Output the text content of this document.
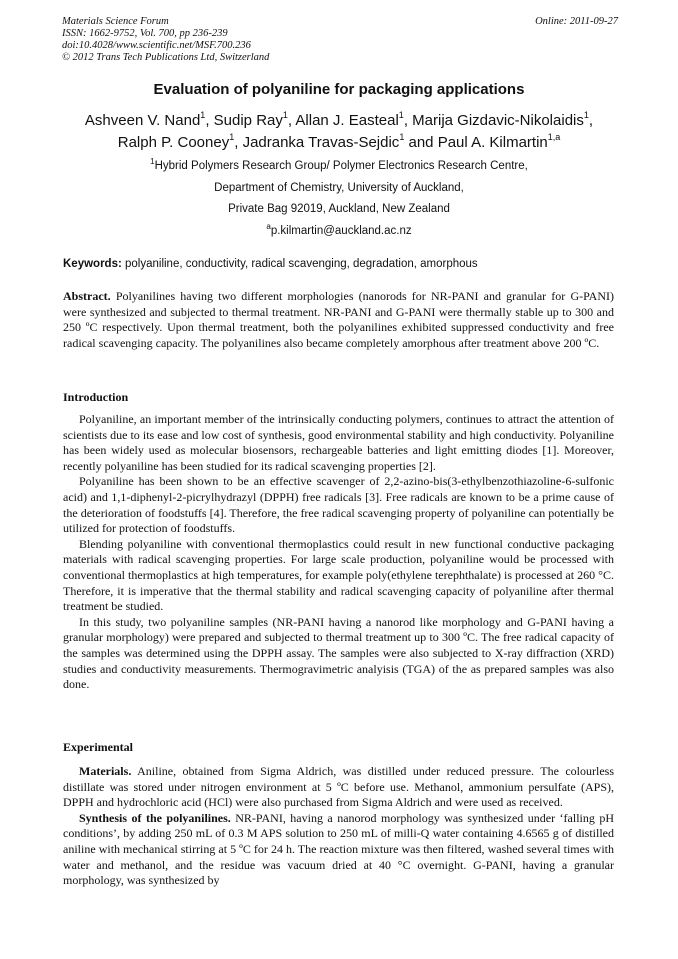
Materials Science Forum
ISSN: 1662-9752, Vol. 700, pp 236-239
doi:10.4028/www.scientific.net/MSF.700.236
© 2012 Trans Tech Publications Ltd, Switzerland
Online: 2011-09-27
Evaluation of polyaniline for packaging applications
Ashveen V. Nand$^1$, Sudip Ray$^1$, Allan J. Easteal$^1$, Marija Gizdavic-Nikolaidis$^1$,
Ralph P. Cooney$^1$, Jadranka Travas-Sejdic$^1$ and Paul A. Kilmartin$^{1,a}$
$^1$Hybrid Polymers Research Group/ Polymer Electronics Research Centre,
Department of Chemistry, University of Auckland,
Private Bag 92019, Auckland, New Zealand
$^a$p.kilmartin@auckland.ac.nz
Keywords: polyaniline, conductivity, radical scavenging, degradation, amorphous

Abstract. Polyanilines having two different morphologies (nanorods for NR-PANI and granular for G-PANI) were synthesized and subjected to thermal treatment. NR-PANI and G-PANI were thermally stable up to 300 and 250 ºC respectively. Upon thermal treatment, both the polyanilines exhibited suppressed conductivity and free radical scavenging capacity. The polyanilines also became completely amorphous after treatment above 200 ºC.

Introduction

Polyaniline, an important member of the intrinsically conducting polymers, continues to attract the attention of scientists due to its ease and low cost of synthesis, good environmental stability and high conductivity. Polyaniline has been widely used as molecular biosensors, rechargeable batteries and light emitting diodes [1]. Moreover, recently polyaniline has been studied for its radical scavenging properties [2].

Polyaniline has been shown to be an effective scavenger of 2,2-azino-bis(3-ethylbenzothiazoline-6-sulfonic acid) and 1,1-diphenyl-2-picrylhydrazyl (DPPH) free radicals [3]. Free radicals are known to be a prime cause of the deterioration of foodstuffs [4]. Therefore, the free radical scavenging property of polyaniline can potentially be utilized for protection of foodstuffs.

Blending polyaniline with conventional thermoplastics could result in new functional conductive packaging materials with radical scavenging properties. For large scale production, polyaniline would be processed with conventional thermoplastics at high temperatures, for example poly(ethylene terephthalate) is processed at 260 °C. Therefore, it is imperative that the thermal stability and radical scavenging capacity of polyaniline after thermal treatment be studied.

In this study, two polyaniline samples (NR-PANI having a nanorod like morphology and G-PANI having a granular morphology) were prepared and subjected to thermal treatment up to 300 ºC. The free radical capacity of the samples was determined using the DPPH assay. The samples were also subjected to X-ray diffraction (XRD) studies and conductivity measurements. Thermogravimetric analyisis (TGA) of the as prepared samples was also done.

Experimental

Materials. Aniline, obtained from Sigma Aldrich, was distilled under reduced pressure. The colourless distillate was stored under nitrogen environment at 5 ºC before use. Methanol, ammonium persulfate (APS), DPPH and hydrochloric acid (HCl) were also purchased from Sigma Aldrich and were used as received.

Synthesis of the polyanilines. NR-PANI, having a nanorod morphology was synthesized under ‘falling pH conditions’, by adding 250 mL of 0.3 M APS solution to 250 mL of milli-Q water containing 4.6565 g of distilled aniline with mechanical stirring at 5 ºC for 24 h. The reaction mixture was then filtered, washed several times with water and methanol, and the residue was vacuum dried at 40 °C overnight. G-PANI, having a granular morphology, was synthesized by
